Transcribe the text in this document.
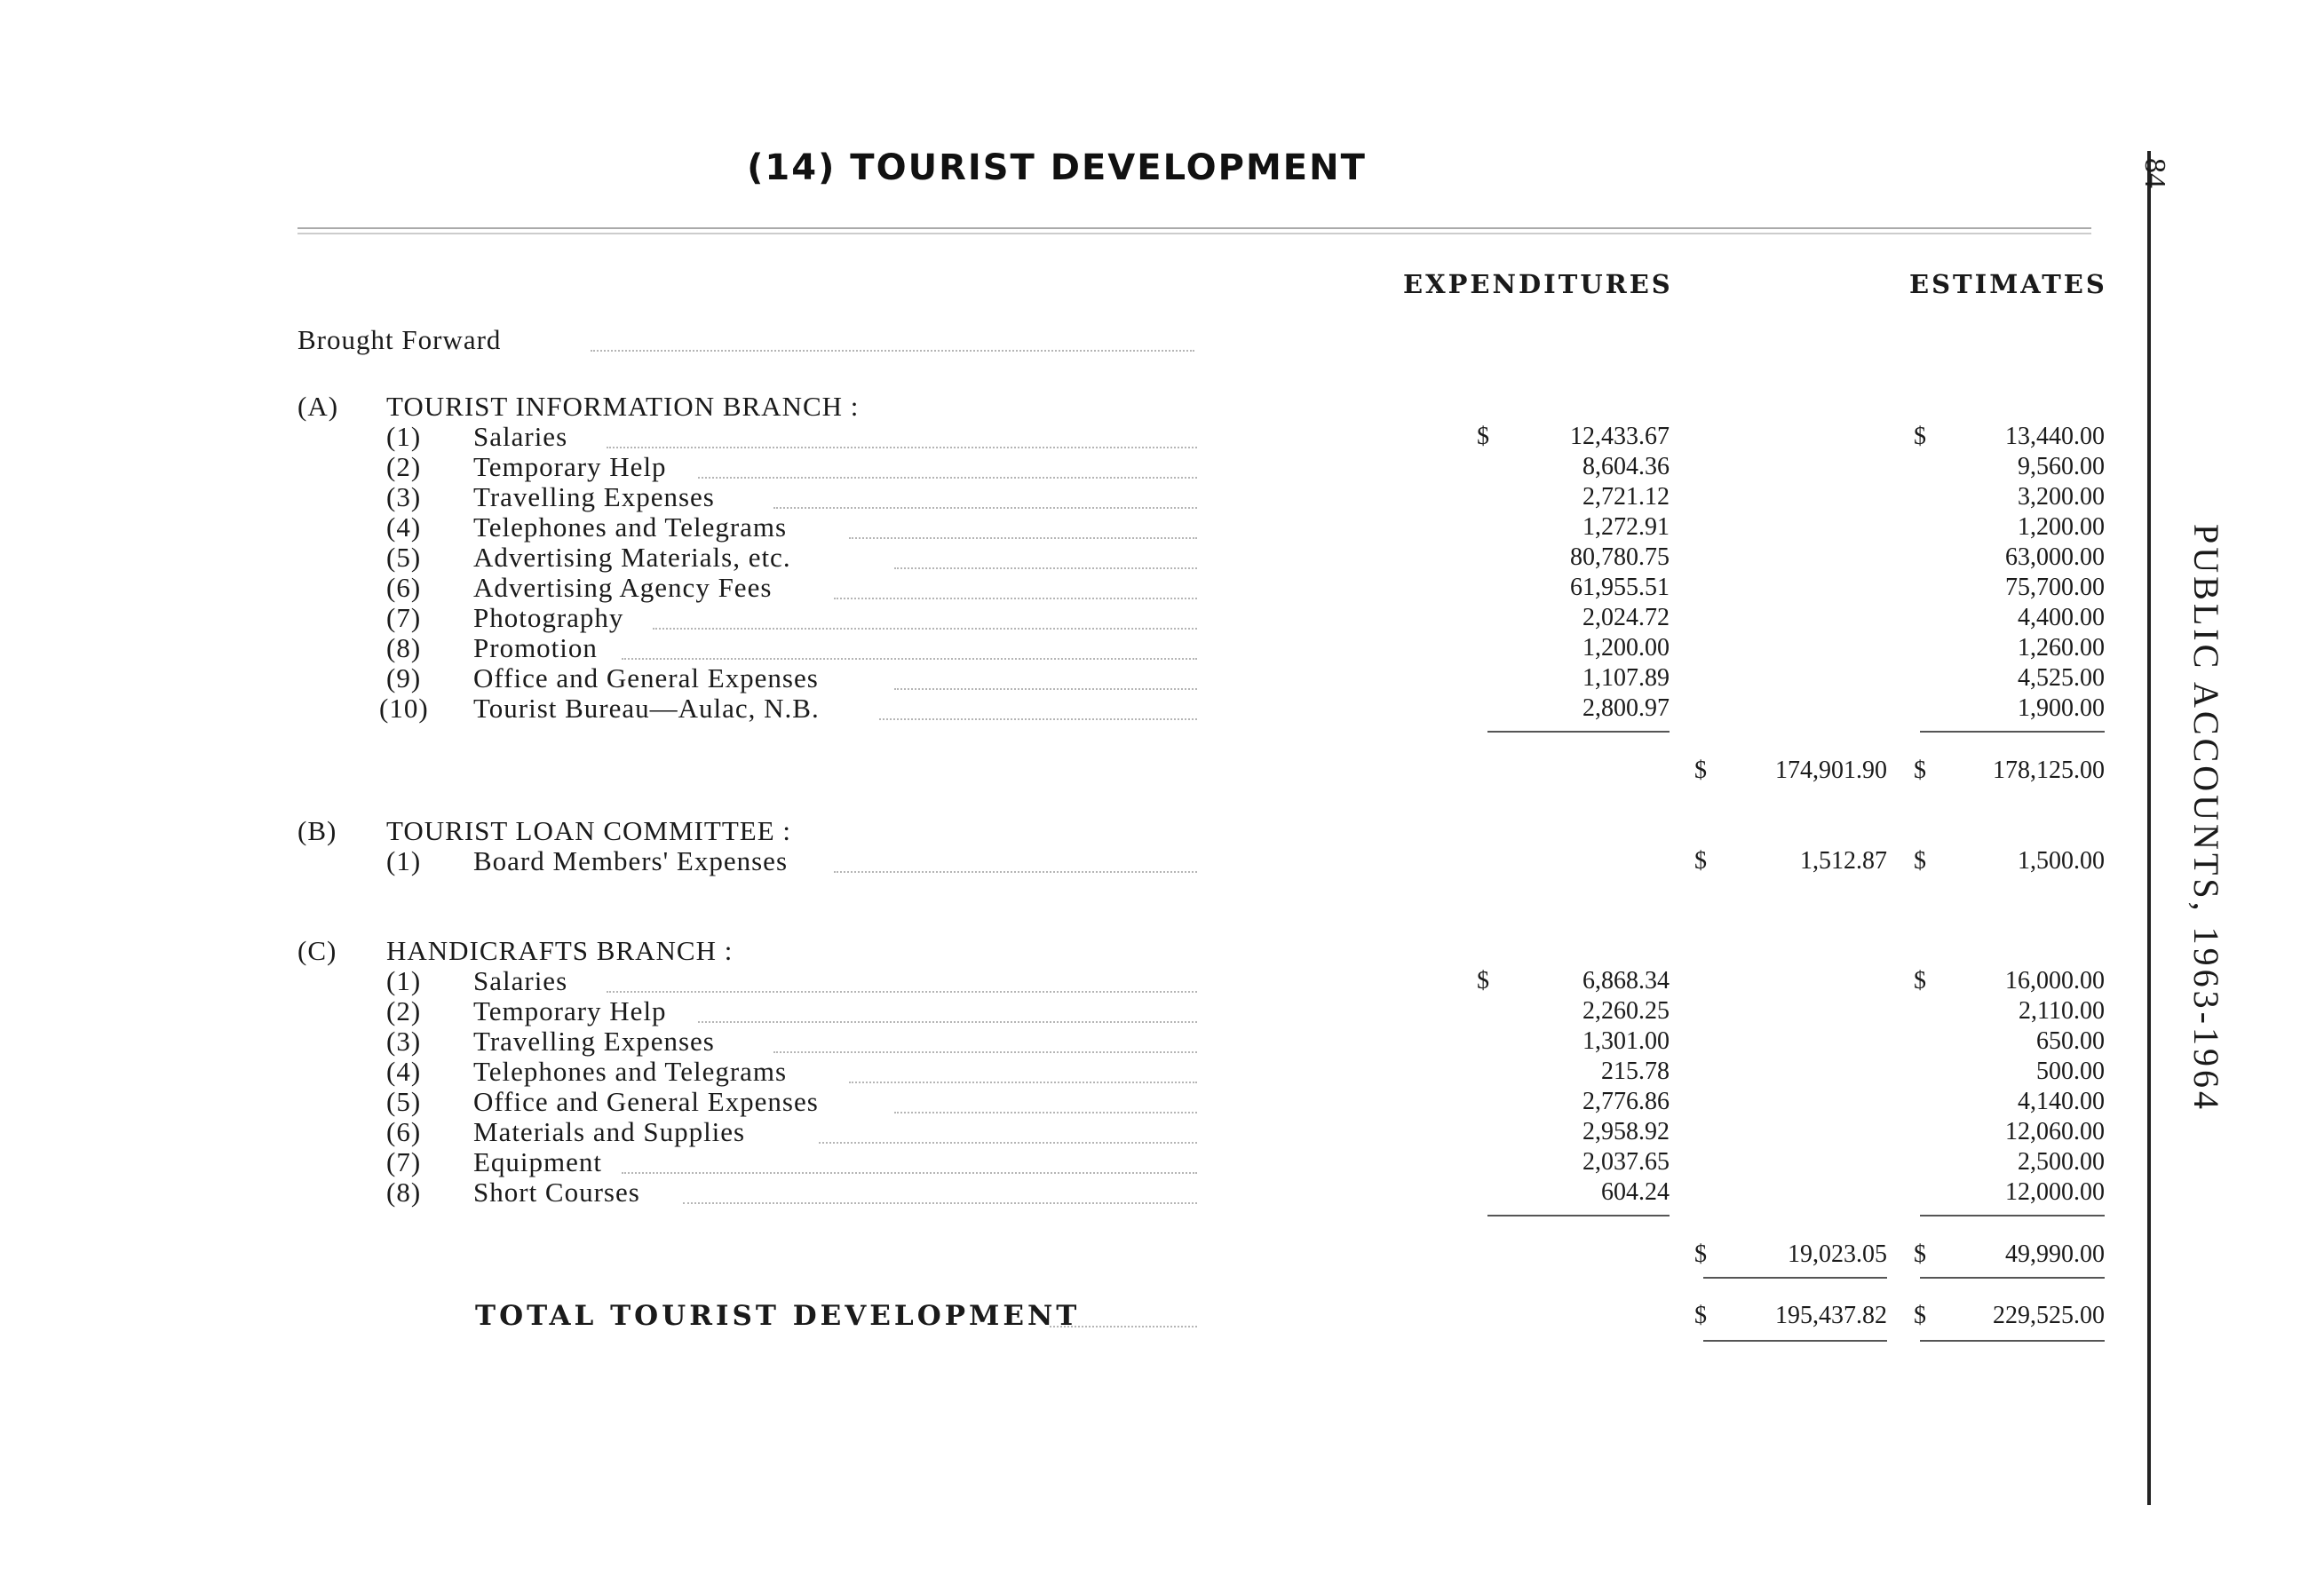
(14) TOURIST DEVELOPMENT	84
PUBLIC ACCOUNTS, 1963-1964
EXPENDITURES	ESTIMATES
Brought Forward
(A) TOURIST INFORMATION BRANCH :
(1) Salaries	$	12,433.67	$	13,440.00
(2) Temporary Help	8,604.36	9,560.00
(3) Travelling Expenses	2,721.12	3,200.00
(4) Telephones and Telegrams	1,272.91	1,200.00
(5) Advertising Materials, etc.	80,780.75	63,000.00
(6) Advertising Agency Fees	61,955.51	75,700.00
(7) Photography	2,024.72	4,400.00
(8) Promotion	1,200.00	1,260.00
(9) Office and General Expenses	1,107.89	4,525.00
(10) Tourist Bureau—Aulac, N.B.	2,800.97	1,900.00
$	174,901.90 $	178,125.00
(B) TOURIST LOAN COMMITTEE :
(1) Board Members' Expenses	$	1,512.87 $	1,500.00
(C) HANDICRAFTS BRANCH :
(1) Salaries	$	6,868.34	$	16,000.00
(2) Temporary Help	2,260.25	2,110.00
(3) Travelling Expenses	1,301.00	650.00
(4) Telephones and Telegrams	215.78	500.00
(5) Office and General Expenses	2,776.86	4,140.00
(6) Materials and Supplies	2,958.92	12,060.00
(7) Equipment	2,037.65	2,500.00
(8) Short Courses	604.24	12,000.00
$	19,023.05 $	49,990.00
TOTAL TOURIST DEVELOPMENT	$	195,437.82 $	229,525.00
